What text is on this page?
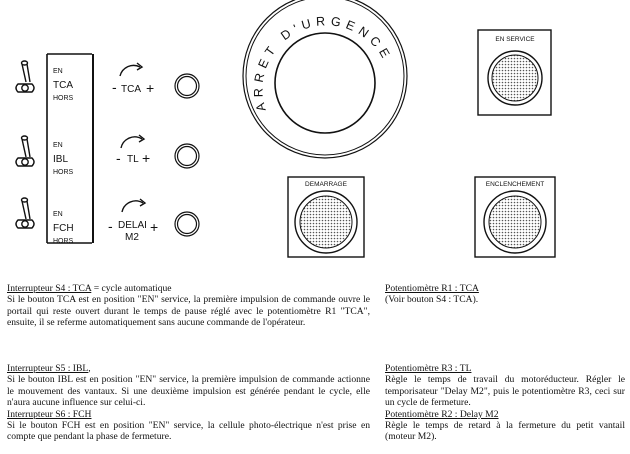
EN
TCA
HORS
EN
IBL
HORS
EN
FCH
HORS
- TCA +
- TL +
- DELAI
M2
+
ARRET D'URGENCE
EN SERVICE
DEMARRAGE	ENCLENCHEMENT
Interrupteur S4 : TCA = cycle automatique
Si le bouton TCA est en position "EN" service, la première impulsion de commande ouvre le portail qui reste ouvert durant le temps de pause réglé avec le potentiomètre R1 "TCA", ensuite, il se referme automatiquement sans aucune commande de l'opérateur.
Potentiomètre R1 : TCA
(Voir bouton S4 : TCA).
Interrupteur S5 : IBL,
Si le bouton IBL est en position "EN" service, la première impulsion de commande actionne le mouvement des vantaux. Si une deuxième impulsion est générée pendant le cycle, elle n'aura aucune influence sur celui-ci.
Interrupteur S6 : FCH
Si le bouton FCH est en position "EN" service, la cellule photo-électrique n'est prise en compte que pendant la phase de fermeture.
Potentiomètre R3 : TL
Règle le temps de travail du motoréducteur. Régler le temporisateur "Delay M2", puis le potentiomètre R3, ceci sur un cycle de fermeture.
Potentiomètre R2 : Delay M2
Règle le temps de retard à la fermeture du petit vantail (moteur M2).
